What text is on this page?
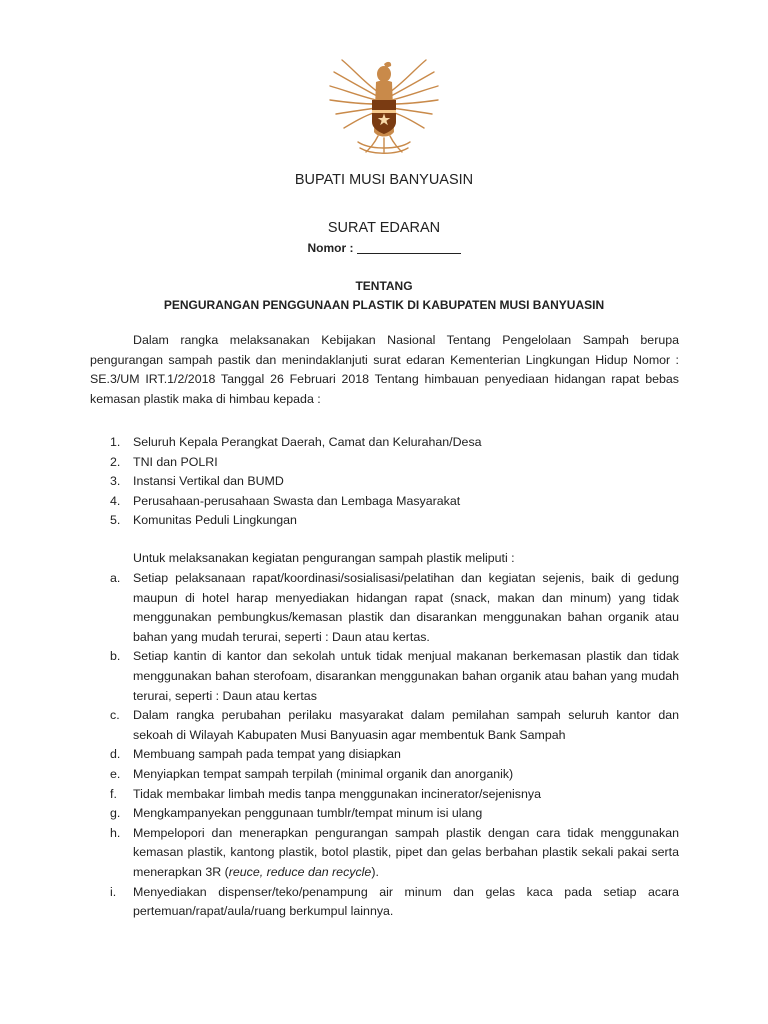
BUPATI MUSI BANYUASIN
SURAT EDARAN
Nomor :
TENTANG
PENGURANGAN PENGGUNAAN PLASTIK DI KABUPATEN MUSI BANYUASIN

Dalam rangka melaksanakan Kebijakan Nasional Tentang Pengelolaan Sampah berupa pengurangan sampah pastik dan menindaklanjuti surat edaran Kementerian Lingkungan Hidup Nomor : SE.3/UM IRT.1/2/2018 Tanggal 26 Februari 2018 Tentang himbauan penyediaan hidangan rapat bebas kemasan plastik maka di himbau kepada :

1. Seluruh Kepala Perangkat Daerah, Camat dan Kelurahan/Desa
2. TNI dan POLRI
3. Instansi Vertikal dan BUMD
4. Perusahaan-perusahaan Swasta dan Lembaga Masyarakat
5. Komunitas Peduli Lingkungan

Untuk melaksanakan kegiatan pengurangan sampah plastik meliputi :

a. Setiap pelaksanaan rapat/koordinasi/sosialisasi/pelatihan dan kegiatan sejenis, baik di gedung maupun di hotel harap menyediakan hidangan rapat (snack, makan dan minum) yang tidak menggunakan pembungkus/kemasan plastik dan disarankan menggunakan bahan organik atau bahan yang mudah terurai, seperti : Daun atau kertas.
b. Setiap kantin di kantor dan sekolah untuk tidak menjual makanan berkemasan plastik dan tidak menggunakan bahan sterofoam, disarankan menggunakan bahan organik atau bahan yang mudah terurai, seperti : Daun atau kertas
c. Dalam rangka perubahan perilaku masyarakat dalam pemilahan sampah seluruh kantor dan sekoah di Wilayah Kabupaten Musi Banyuasin agar membentuk Bank Sampah
d. Membuang sampah pada tempat yang disiapkan
e. Menyiapkan tempat sampah terpilah (minimal organik dan anorganik)
f. Tidak membakar limbah medis tanpa menggunakan incinerator/sejenisnya
g. Mengkampanyekan penggunaan tumblr/tempat minum isi ulang
h. Mempelopori dan menerapkan pengurangan sampah plastik dengan cara tidak menggunakan kemasan plastik, kantong plastik, botol plastik, pipet dan gelas berbahan plastik sekali pakai serta menerapkan 3R (reuce, reduce dan recycle).
i. Menyediakan dispenser/teko/penampung air minum dan gelas kaca pada setiap acara pertemuan/rapat/aula/ruang berkumpul lainnya.
